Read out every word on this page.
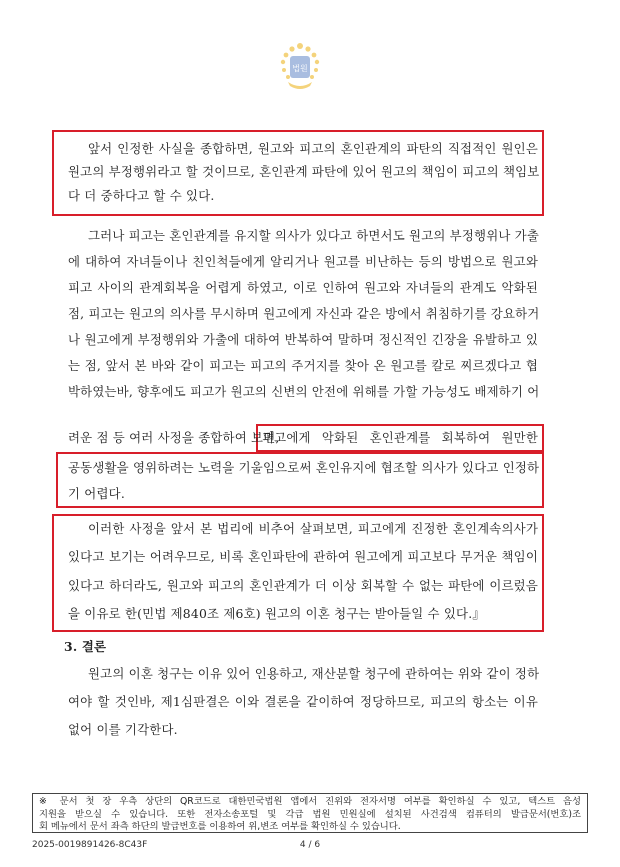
법원
앞서 인정한 사실을 종합하면, 원고와 피고의 혼인관계의 파탄의 직접적인 원인은
원고의 부정행위라고 할 것이므로, 혼인관계 파탄에 있어 원고의 책임이 피고의 책임보
다 더 중하다고 할 수 있다.
그러나 피고는 혼인관계를 유지할 의사가 있다고 하면서도 원고의 부정행위나 가출
에 대하여 자녀들이나 친인척들에게 알리거나 원고를 비난하는 등의 방법으로 원고와
피고 사이의 관계회복을 어렵게 하였고, 이로 인하여 원고와 자녀들의 관계도 악화된
점, 피고는 원고의 의사를 무시하며 원고에게 자신과 같은 방에서 취침하기를 강요하거
나 원고에게 부정행위와 가출에 대하여 반복하여 말하며 정신적인 긴장을 유발하고 있
는 점, 앞서 본 바와 같이 피고는 피고의 주거지를 찾아 온 원고를 칼로 찌르겠다고 협
박하였는바, 향후에도 피고가 원고의 신변의 안전에 위해를 가할 가능성도 배제하기 어
려운 점 등 여러 사정을 종합하여 보면,
피고에게 악화된 혼인관계를 회복하여 원만한
공동생활을 영위하려는 노력을 기울임으로써 혼인유지에 협조할 의사가 있다고 인정하
기 어렵다.
이러한 사정을 앞서 본 법리에 비추어 살펴보면, 피고에게 진정한 혼인계속의사가
있다고 보기는 어려우므로, 비록 혼인파탄에 관하여 원고에게 피고보다 무거운 책임이
있다고 하더라도, 원고와 피고의 혼인관계가 더 이상 회복할 수 없는 파탄에 이르렀음
을 이유로 한(민법 제840조 제6호) 원고의 이혼 청구는 받아들일 수 있다.』
3. 결론
원고의 이혼 청구는 이유 있어 인용하고, 재산분할 청구에 관하여는 위와 같이 정하
여야 할 것인바, 제1심판결은 이와 결론을 같이하여 정당하므로, 피고의 항소는 이유
없어 이를 기각한다.
※ 문서 첫 장 우측 상단의 QR코드로 대한민국법원 앱에서 진위와 전자서명 여부를 확인하실 수 있고, 텍스트 음성
지원을 받으실 수 있습니다. 또한 전자소송포털 및 각급 법원 민원실에 설치된 사건검색 컴퓨터의 발급문서(번호)조
회 메뉴에서 문서 좌측 하단의 발급번호를 이용하여 위,변조 여부를 확인하실 수 있습니다.
2025-0019891426-8C43F	4 / 6
